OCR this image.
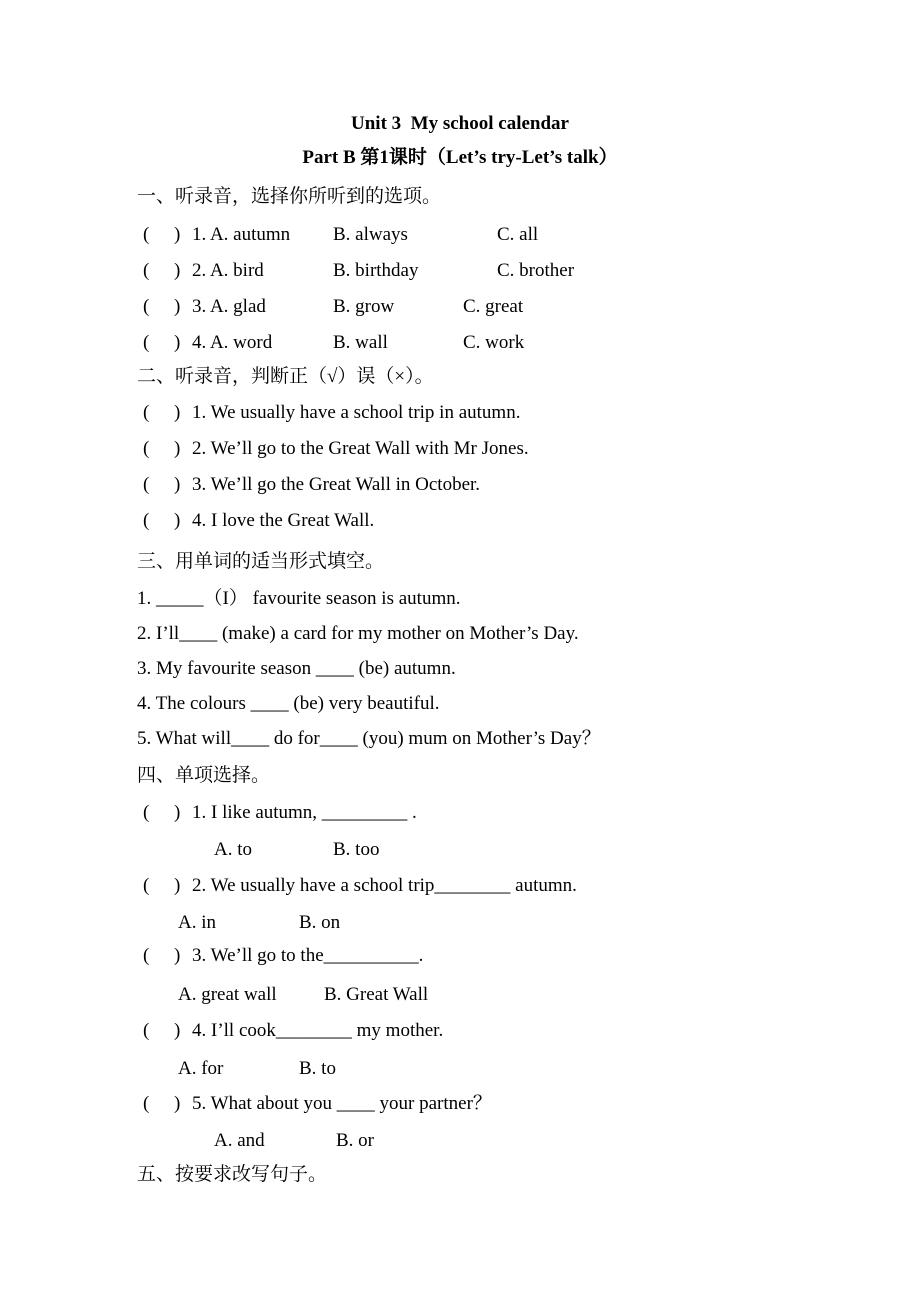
Unit 3  My school calendar
Part B 第1课时（Let’s try-Let’s talk）
一、听录音，选择你所听到的选项。
( ) 1. A. autumn B. always	C. all
( ) 2. A. bird	B. birthday	C. brother
( ) 3. A. glad	B. grow	C. great
( ) 4. A. word	B. wall	C. work
二、听录音，判断正（√）误（×）。
( ) 1. We usually have a school trip in autumn.
( ) 2. We’ll go to the Great Wall with Mr Jones.
( ) 3. We’ll go the Great Wall in October.
( ) 4. I love the Great Wall.
三、用单词的适当形式填空。
1. _____（I） favourite season is autumn.
2. I’ll____ (make) a card for my mother on Mother’s Day.
3. My favourite season ____ (be) autumn.
4. The colours ____ (be) very beautiful.
5. What will____ do for____ (you) mum on Mother’s Day？
四、单项选择。
( ) 1. I like autumn, _________ .
A. to	B. too
( ) 2. We usually have a school trip________ autumn.
A. in	B. on
( ) 3. We’ll go to the__________.
A. great wall B. Great Wall
( ) 4. I’ll cook________ my mother.
A. for	B. to
( ) 5. What about you ____ your partner？
A. and	B. or
五、按要求改写句子。
